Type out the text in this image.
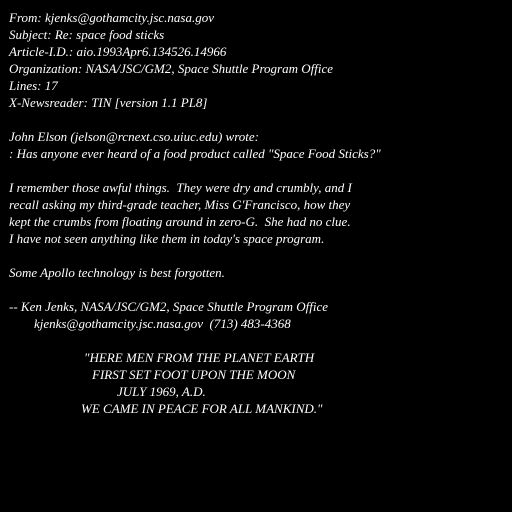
From: kjenks@gothamcity.jsc.nasa.gov

Subject: Re: space food sticks

Article-I.D.: aio.1993Apr6.134526.14966

Organization: NASA/JSC/GM2, Space Shuttle Program Office

Lines: 17

X-Newsreader: TIN [version 1.1 PL8]

John Elson (jelson@rcnext.cso.uiuc.edu) wrote:

: Has anyone ever heard of a food product called "Space Food Sticks?"

I remember those awful things.  They were dry and crumbly, and I

recall asking my third-grade teacher, Miss G'Francisco, how they

kept the crumbs from floating around in zero-G.  She had no clue.

I have not seen anything like them in today's space program.

Some Apollo technology is best forgotten.

-- Ken Jenks, NASA/JSC/GM2, Space Shuttle Program Office

kjenks@gothamcity.jsc.nasa.gov  (713) 483-4368

"HERE MEN FROM THE PLANET EARTH

FIRST SET FOOT UPON THE MOON

JULY 1969, A.D.

WE CAME IN PEACE FOR ALL MANKIND."
